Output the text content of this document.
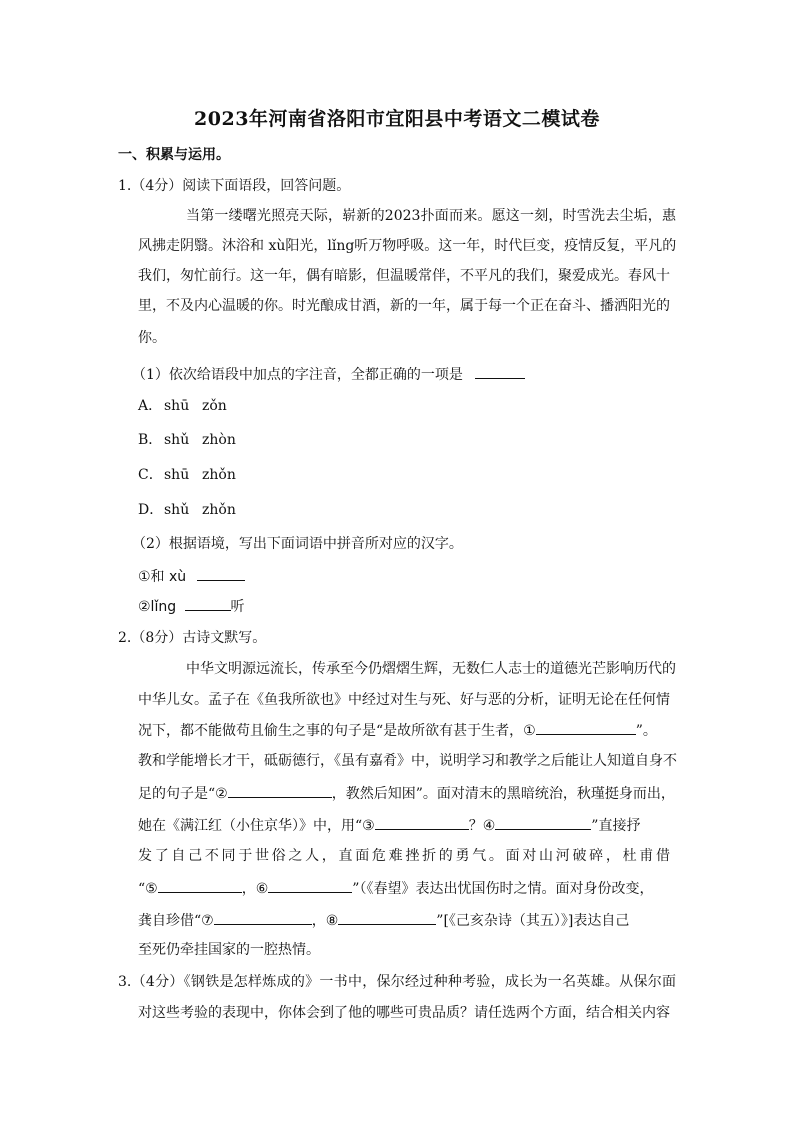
2023年河南省洛阳市宜阳县中考语文二模试卷
一、积累与运用。
1.（4分）阅读下面语段，回答问题。
当第一缕曙光照亮天际，崭新的2023扑面而来。愿这一刻，时雪洗去尘垢，惠
风拂走阴翳。沐浴和 xù阳光，lǐng听万物呼吸。这一年，时代巨变，疫情反复，平凡的
我们，匆忙前行。这一年，偶有暗影，但温暖常伴，不平凡的我们，聚爱成光。春风十
里，不及内心温暖的你。时光酿成甘酒，新的一年，属于每一个正在奋斗、播洒阳光的
你。
（1）依次给语段中加点的字注音，全都正确的一项是
A． shū zǒn
B． shǔ zhòn
C．shū zhǒn
D．shǔ zhǒn
（2）根据语境，写出下面词语中拼音所对应的汉字。
①和 xù
②lǐng	听
2.（8分）古诗文默写。
中华文明源远流长，传承至今仍熠熠生辉，无数仁人志士的道德光芒影响历代的
中华儿女。孟子在《鱼我所欲也》中经过对生与死、好与恶的分析，证明无论在任何情
况下，都不能做苟且偷生之事的句子是“是故所欲有甚于生者，①	”。
教和学能增长才干，砥砺德行，《虽有嘉肴》中，说明学习和教学之后能让人知道自身不
足的句子是“②	，教然后知困”。面对清末的黑暗统治，秋瑾挺身而出，
她在《满江红（小住京华）》中，用“③	？④	”直接抒
发了自己不同于世俗之人，直面危难挫折的勇气。面对山河破碎，杜甫借
“⑤	，⑥	”（《春望》表达出忧国伤时之情。面对身份改变，
龚自珍借“⑦	，⑧	”[《己亥杂诗（其五）》]表达自己
至死仍牵挂国家的一腔热情。
3.（4分）《钢铁是怎样炼成的》一书中，保尔经过种种考验，成长为一名英雄。从保尔面
对这些考验的表现中，你体会到了他的哪些可贵品质？请任选两个方面，结合相关内容
